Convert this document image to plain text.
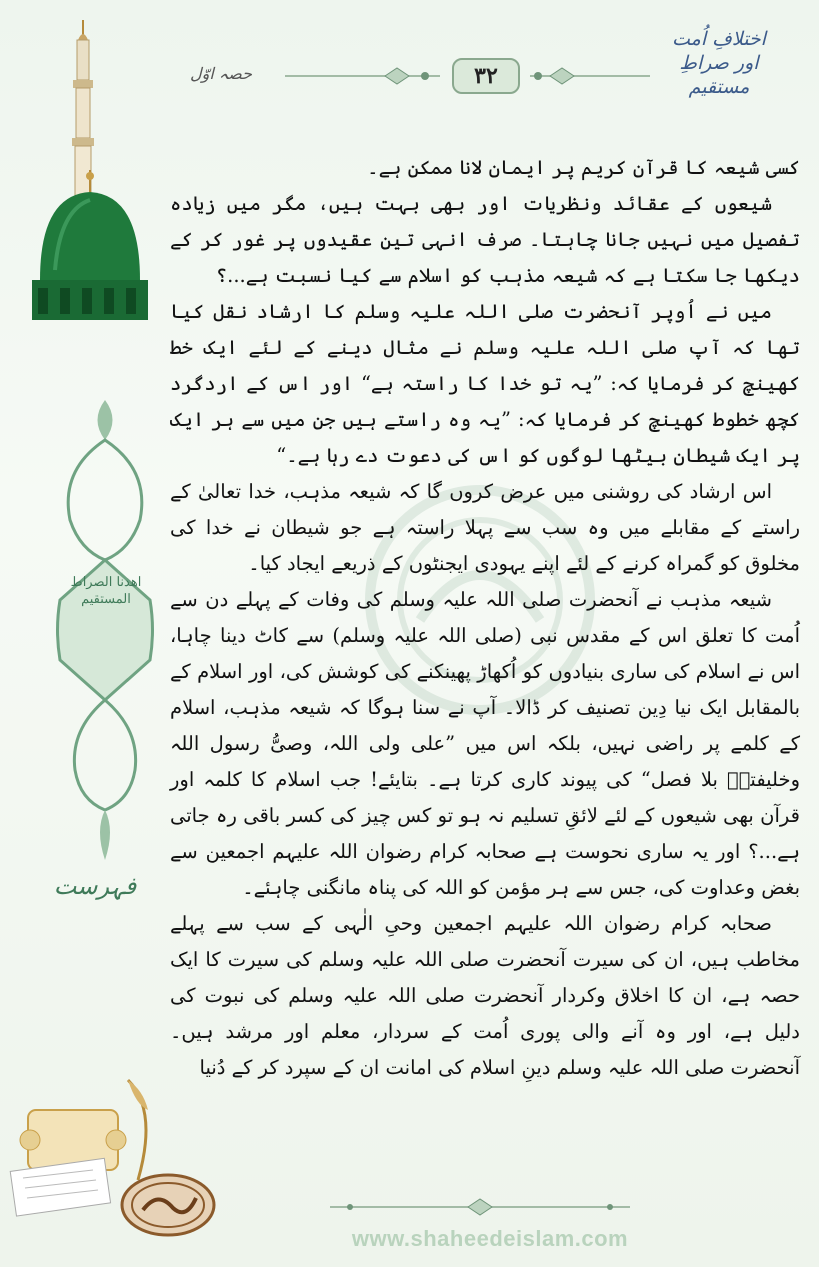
اھدنا الصراط المستقیم
فہرست
اختلافِ اُمت اور صراطِ مستقیم
حصہ اوّل	۳۲

کسی شیعہ کا قرآن کریم پر ایمان لانا ممکن ہے۔

شیعوں کے عقائد ونظریات اور بھی بہت ہیں، مگر میں زیادہ تفصیل میں نہیں جانا چاہتا۔ صرف انہی تین عقیدوں پر غور کر کے دیکھا جا سکتا ہے کہ شیعہ مذہب کو اسلام سے کیا نسبت ہے...؟

میں نے اُوپر آنحضرت صلی اللہ علیہ وسلم کا ارشاد نقل کیا تھا کہ آپ صلی اللہ علیہ وسلم نے مثال دینے کے لئے ایک خط کھینچ کر فرمایا کہ: ”یہ تو خدا کا راستہ ہے“ اور اس کے اردگرد کچھ خطوط کھینچ کر فرمایا کہ: ”یہ وہ راستے ہیں جن میں سے ہر ایک پر ایک شیطان بیٹھا لوگوں کو اس کی دعوت دے رہا ہے۔“

اس ارشاد کی روشنی میں عرض کروں گا کہ شیعہ مذہب، خدا تعالیٰ کے راستے کے مقابلے میں وہ سب سے پہلا راستہ ہے جو شیطان نے خدا کی مخلوق کو گمراہ کرنے کے لئے اپنے یہودی ایجنٹوں کے ذریعے ایجاد کیا۔

شیعہ مذہب نے آنحضرت صلی اللہ علیہ وسلم کی وفات کے پہلے دن سے اُمت کا تعلق اس کے مقدس نبی (صلی اللہ علیہ وسلم) سے کاٹ دینا چاہا، اس نے اسلام کی ساری بنیادوں کو اُکھاڑ پھینکنے کی کوشش کی، اور اسلام کے بالمقابل ایک نیا دِین تصنیف کر ڈالا۔ آپ نے سنا ہوگا کہ شیعہ مذہب، اسلام کے کلمے پر راضی نہیں، بلکہ اس میں ”علی ولی اللہ، وصیُّ رسول اللہ وخلیفتہٗ بلا فصل“ کی پیوند کاری کرتا ہے۔ بتایئے! جب اسلام کا کلمہ اور قرآن بھی شیعوں کے لئے لائقِ تسلیم نہ ہو تو کس چیز کی کسر باقی رہ جاتی ہے...؟ اور یہ ساری نحوست ہے صحابہ کرام رضوان اللہ علیہم اجمعین سے بغض وعداوت کی، جس سے ہر مؤمن کو اللہ کی پناہ مانگنی چاہئے۔

صحابہ کرام رضوان اللہ علیہم اجمعین وحیِ الٰہی کے سب سے پہلے مخاطب ہیں، ان کی سیرت آنحضرت صلی اللہ علیہ وسلم کی سیرت کا ایک حصہ ہے، ان کا اخلاق وکردار آنحضرت صلی اللہ علیہ وسلم کی نبوت کی دلیل ہے، اور وہ آنے والی پوری اُمت کے سردار، معلم اور مرشد ہیں۔ آنحضرت صلی اللہ علیہ وسلم دینِ اسلام کی امانت ان کے سپرد کر کے دُنیا

www.shaheedeislam.com
